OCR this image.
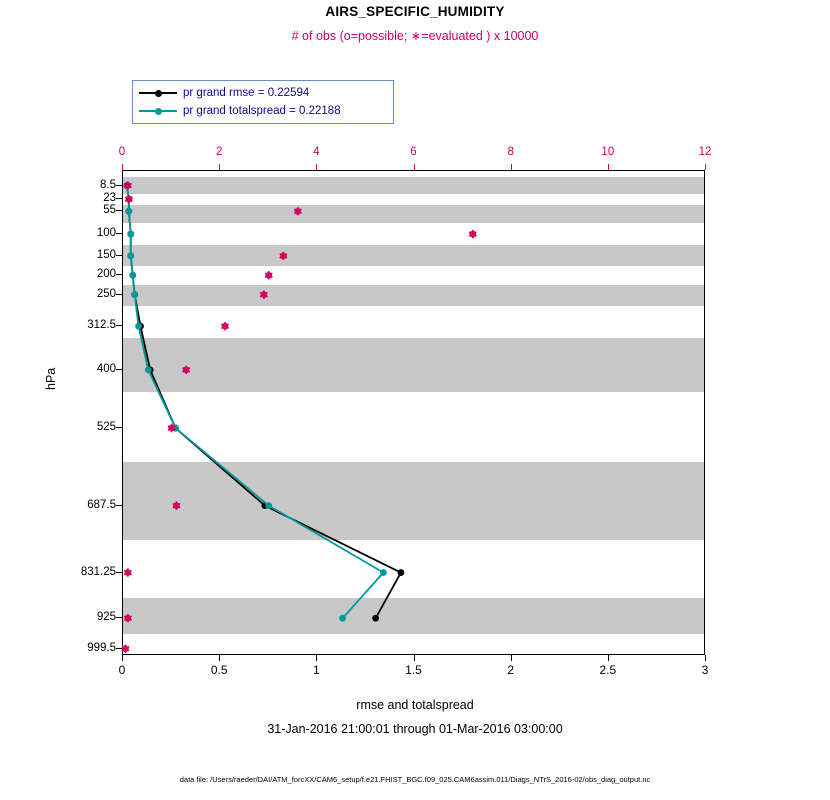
AIRS_SPECIFIC_HUMIDITY
# of obs (o=possible; ∗=evaluated ) x 10000
0	2	4	6	8	10	12
8.5
23
55
100
150
200
250
312.5
400
525
687.5
831.25
925
999.5
hPa
0	0.5	1	1.5	2	2.5	3
rmse and totalspread
31-Jan-2016 21:00:01 through 01-Mar-2016 03:00:00
data file: /Users/raeder/DAI/ATM_forcXX/CAM6_setup/f.e21.FHIST_BGC.f09_025.CAM6assim.011/Diags_NTrS_2016-02/obs_diag_output.nc
pr grand rmse = 0.22594
pr grand totalspread = 0.22188
